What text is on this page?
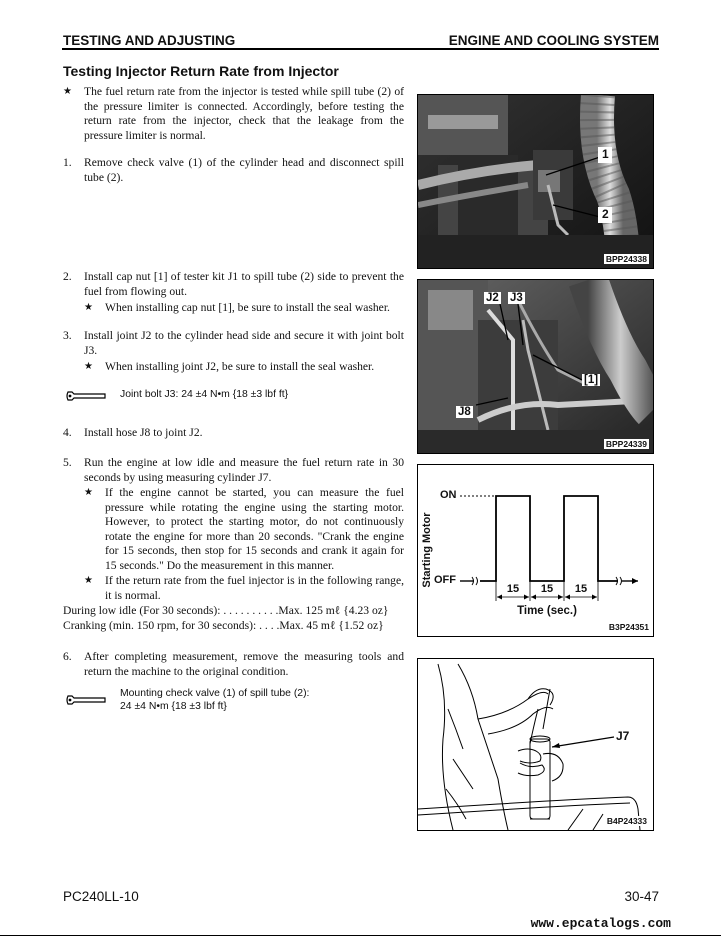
TESTING AND ADJUSTING	ENGINE AND COOLING SYSTEM
Testing Injector Return Rate from Injector
★ The fuel return rate from the injector is tested while spill tube (2) of the pressure limiter is connected. Accordingly, before testing the return rate from the injector, check that the leakage from the pressure limiter is normal.
1. Remove check valve (1) of the cylinder head and disconnect spill tube (2).
2. Install cap nut [1] of tester kit J1 to spill tube (2) side to prevent the fuel from flowing out.
★ When installing cap nut [1], be sure to install the seal washer.
3. Install joint J2 to the cylinder head side and secure it with joint bolt J3.
★ When installing joint J2, be sure to install the seal washer.
Joint bolt J3: 24 ±4 N•m {18 ±3 lbf ft}
4. Install hose J8 to joint J2.
5. Run the engine at low idle and measure the fuel return rate in 30 seconds by using measuring cylinder J7.
★ If the engine cannot be started, you can measure the fuel pressure while rotating the engine using the starting motor. However, to protect the starting motor, do not continuously rotate the engine for more than 20 seconds. "Crank the engine for 15 seconds, then stop for 15 seconds and crank it again for 15 seconds." Do the measurement in this manner.
★ If the return rate from the fuel injector is in the following range, it is normal.
During low idle (For 30 seconds): . . . . . . . . . .Max. 125 mℓ {4.23 oz}
Cranking (min. 150 rpm, for 30 seconds): . . . .Max. 45 mℓ {1.52 oz}
6. After completing measurement, remove the measuring tools and return the machine to the original condition.
Mounting check valve (1) of spill tube (2):
24 ±4 N•m {18 ±3 lbf ft}
1
2
BPP24338
J2 J3
[1]
J8
BPP24339
Starting Motor
ON
OFF
15	15	15
Time (sec.)
B3P24351
J7
B4P24333
PC240LL-10	30-47
www.epcatalogs.com
